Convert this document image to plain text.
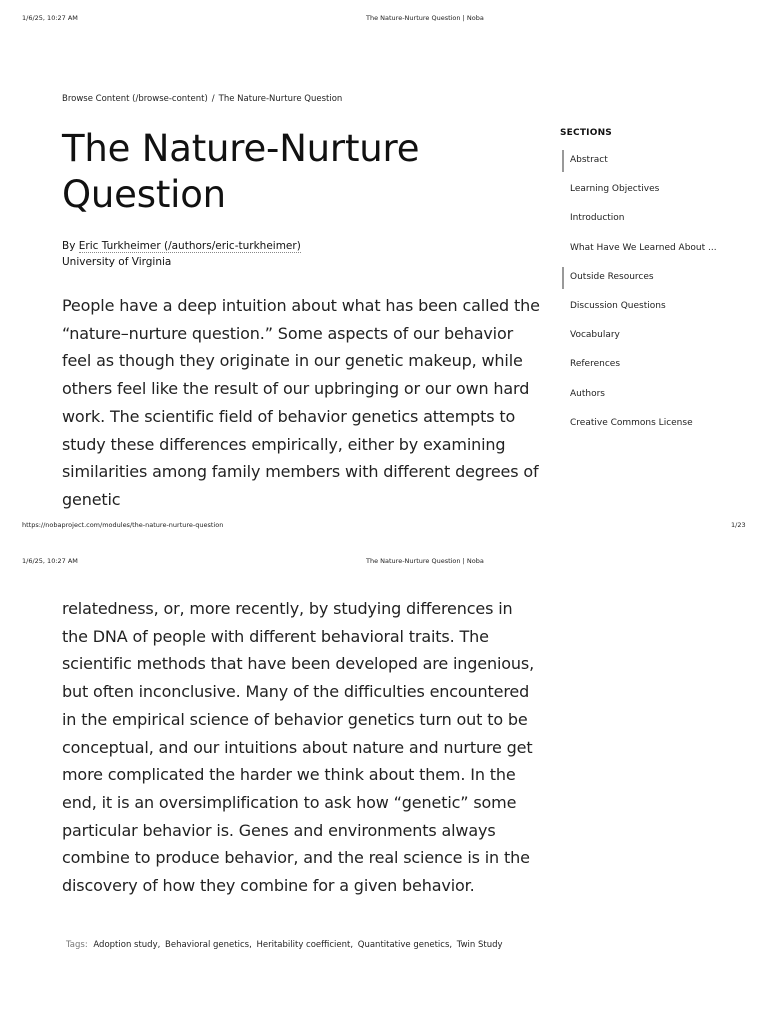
1/6/25, 10:27 AM	The Nature-Nurture Question | Noba
Browse Content (/browse-content) / The Nature-Nurture Question
The Nature-Nurture Question
By Eric Turkheimer (/authors/eric-turkheimer)
University of Virginia

People have a deep intuition about what has been called the “nature–nurture question.” Some aspects of our behavior feel as though they originate in our genetic makeup, while others feel like the result of our upbringing or our own hard work. The scientific field of behavior genetics attempts to study these differences empirically, either by examining similarities among family members with different degrees of genetic

SECTIONS
Abstract
Learning Objectives
Introduction
What Have We Learned About ...
Outside Resources
Discussion Questions
Vocabulary
References
Authors
Creative Commons License
https://nobaproject.com/modules/the-nature-nurture-question	1/23
1/6/25, 10:27 AM	The Nature-Nurture Question | Noba

relatedness, or, more recently, by studying differences in the DNA of people with different behavioral traits. The scientific methods that have been developed are ingenious, but often inconclusive. Many of the difficulties encountered in the empirical science of behavior genetics turn out to be conceptual, and our intuitions about nature and nurture get more complicated the harder we think about them. In the end, it is an oversimplification to ask how “genetic” some particular behavior is. Genes and environments always combine to produce behavior, and the real science is in the discovery of how they combine for a given behavior.

Tags: Adoption study, Behavioral genetics, Heritability coefficient, Quantitative genetics, Twin Study
